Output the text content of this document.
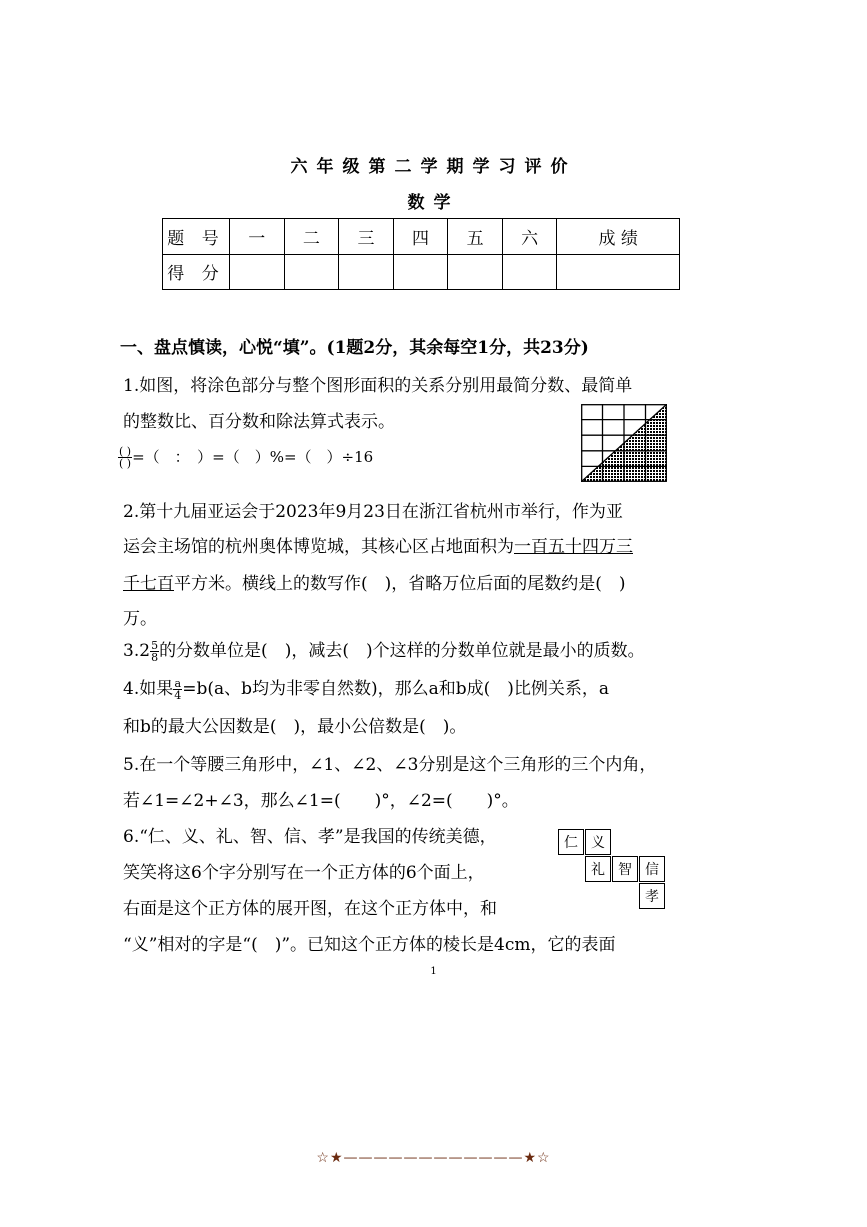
六年级第二学期学习评价
数学
题 号	一	二	三	四	五	六	成 绩
得 分							
一、盘点慎读，心悦“填”。(1题2分，其余每空1分，共23分)
1.如图，将涂色部分与整个图形面积的关系分别用最简分数、最简单
的整数比、百分数和除法算式表示。
$\frac{( )}{( )}$ =（　：　）=（　）%=（　）÷16
2.第十九届亚运会于2023年9月23日在浙江省杭州市举行，作为亚
运会主场馆的杭州奥体博览城，其核心区占地面积为一百五十四万三
千七百平方米。横线上的数写作(　)，省略万位后面的尾数约是(　)
万。
$3.2 \frac{5}{8}$ 的分数单位是(　)，减去(　)个这样的分数单位就是最小的质数。
4.如果 $\frac{a}{4} =b(a$、b均为非零自然数)，那么a和b成(　)比例关系，a
和b的最大公因数是(　)，最小公倍数是(　)。
5.在一个等腰三角形中，∠1、∠2、∠3分别是这个三角形的三个内角，
若∠1=∠2+∠3，那么∠1=(　　)°，∠2=(　　)°。
6.“仁、义、礼、智、信、孝”是我国的传统美德，
笑笑将这6个字分别写在一个正方体的6个面上，
右面是这个正方体的展开图，在这个正方体中，和
“义”相对的字是“(　)”。已知这个正方体的棱长是4cm，它的表面
仁 义
礼 智 信
孝
1
☆★————————————★☆
